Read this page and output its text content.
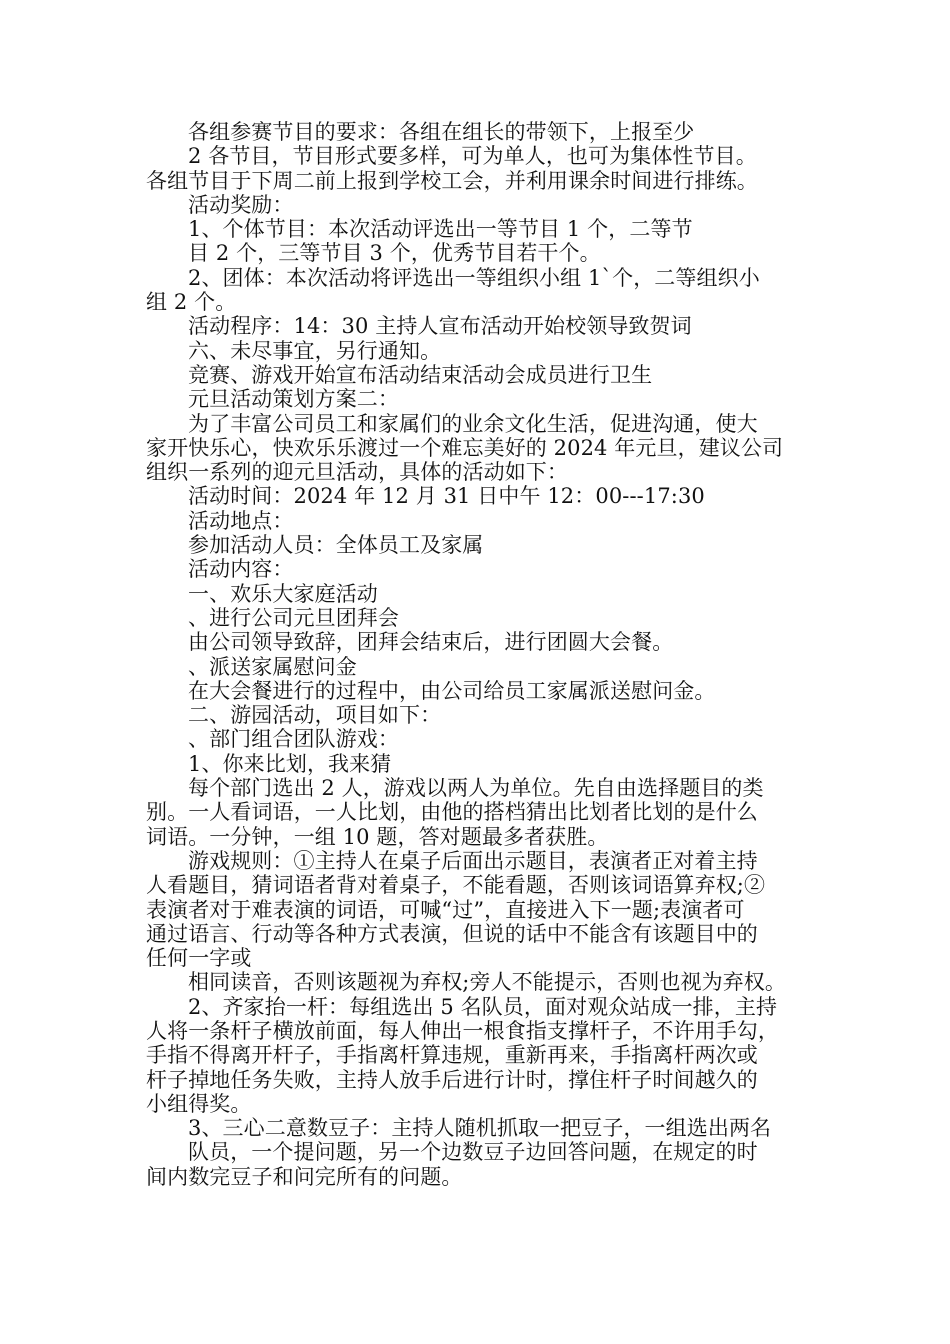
各组参赛节目的要求：各组在组长的带领下，上报至少
2 各节目，节目形式要多样，可为单人，也可为集体性节目。
各组节目于下周二前上报到学校工会，并利用课余时间进行排练。
活动奖励：
1、个体节目：本次活动评选出一等节目 1 个，二等节
目 2 个，三等节目 3 个，优秀节目若干个。
2、团体：本次活动将评选出一等组织小组 1`个，二等组织小
组 2 个。
活动程序：14：30 主持人宣布活动开始校领导致贺词
六、未尽事宜，另行通知。
竞赛、游戏开始宣布活动结束活动会成员进行卫生
元旦活动策划方案二：
为了丰富公司员工和家属们的业余文化生活，促进沟通，使大
家开快乐心，快欢乐乐渡过一个难忘美好的 2024 年元旦，建议公司
组织一系列的迎元旦活动，具体的活动如下：
活动时间：2024 年 12 月 31 日中午 12：00---17:30
活动地点：
参加活动人员：全体员工及家属
活动内容：
一、欢乐大家庭活动
、进行公司元旦团拜会
由公司领导致辞，团拜会结束后，进行团圆大会餐。
、派送家属慰问金
在大会餐进行的过程中，由公司给员工家属派送慰问金。
二、游园活动，项目如下：
、部门组合团队游戏：
1、你来比划，我来猜
每个部门选出 2 人，游戏以两人为单位。先自由选择题目的类
别。一人看词语，一人比划，由他的搭档猜出比划者比划的是什么
词语。一分钟，一组 10 题，答对题最多者获胜。
游戏规则：①主持人在桌子后面出示题目，表演者正对着主持
人看题目，猜词语者背对着桌子，不能看题，否则该词语算弃权;②
表演者对于难表演的词语，可喊“过”，直接进入下一题;表演者可
通过语言、行动等各种方式表演，但说的话中不能含有该题目中的
任何一字或
相同读音，否则该题视为弃权;旁人不能提示，否则也视为弃权。
2、齐家抬一杆：每组选出 5 名队员，面对观众站成一排，主持
人将一条杆子横放前面，每人伸出一根食指支撑杆子，不许用手勾，
手指不得离开杆子，手指离杆算违规，重新再来，手指离杆两次或
杆子掉地任务失败，主持人放手后进行计时，撑住杆子时间越久的
小组得奖。
3、三心二意数豆子：主持人随机抓取一把豆子，一组选出两名
队员，一个提问题，另一个边数豆子边回答问题，在规定的时
间内数完豆子和问完所有的问题。
